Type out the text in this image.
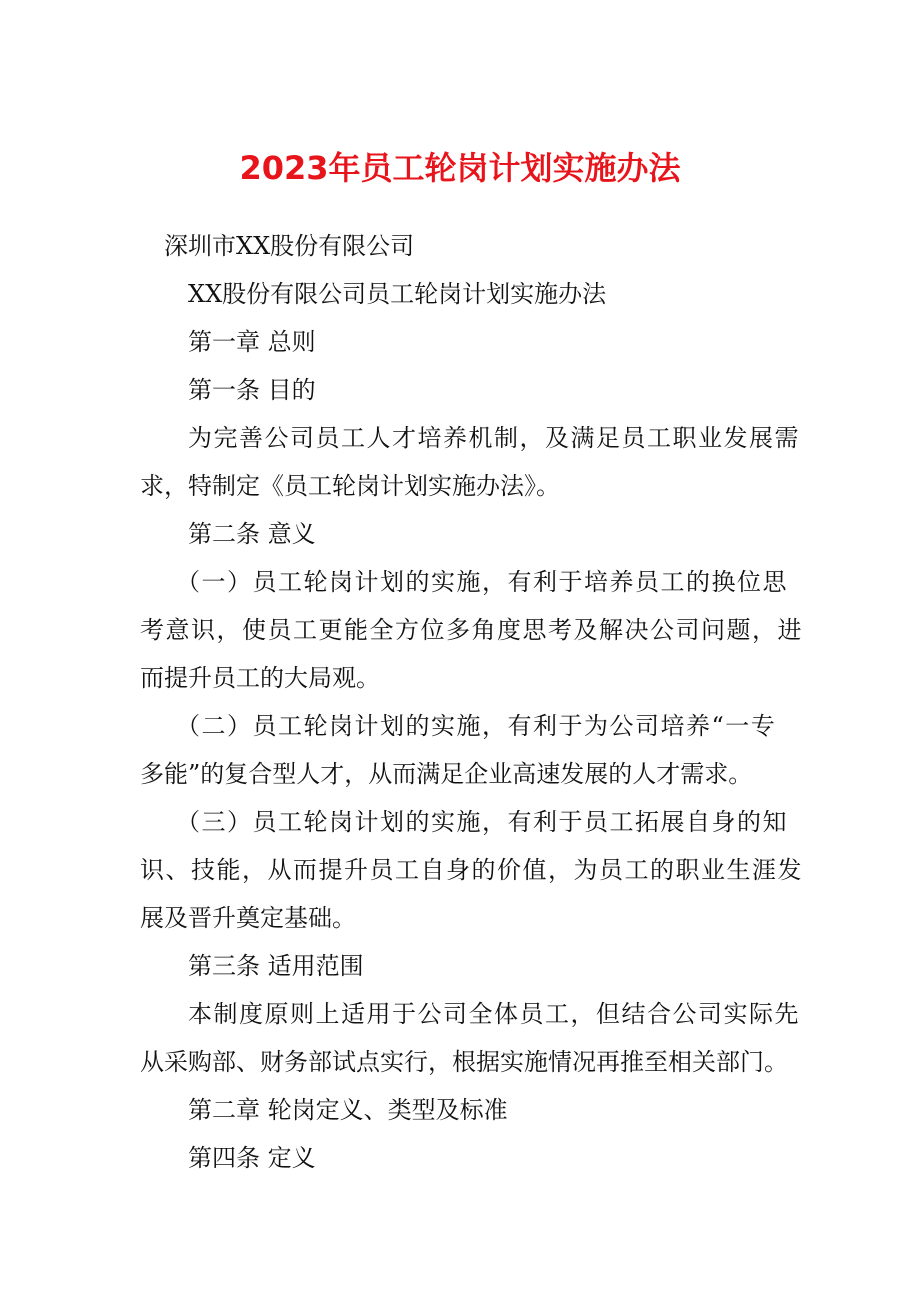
2023年员工轮岗计划实施办法
深圳市XX股份有限公司
XX股份有限公司员工轮岗计划实施办法
第一章 总则
第一条 目的
为完善公司员工人才培养机制，及满足员工职业发展需
求，特制定《员工轮岗计划实施办法》。
第二条 意义
（一）员工轮岗计划的实施，有利于培养员工的换位思
考意识，使员工更能全方位多角度思考及解决公司问题，进
而提升员工的大局观。
（二）员工轮岗计划的实施，有利于为公司培养“一专
多能”的复合型人才，从而满足企业高速发展的人才需求。
（三）员工轮岗计划的实施，有利于员工拓展自身的知
识、技能，从而提升员工自身的价值，为员工的职业生涯发
展及晋升奠定基础。
第三条 适用范围
本制度原则上适用于公司全体员工，但结合公司实际先
从采购部、财务部试点实行，根据实施情况再推至相关部门。
第二章 轮岗定义、类型及标准
第四条 定义
